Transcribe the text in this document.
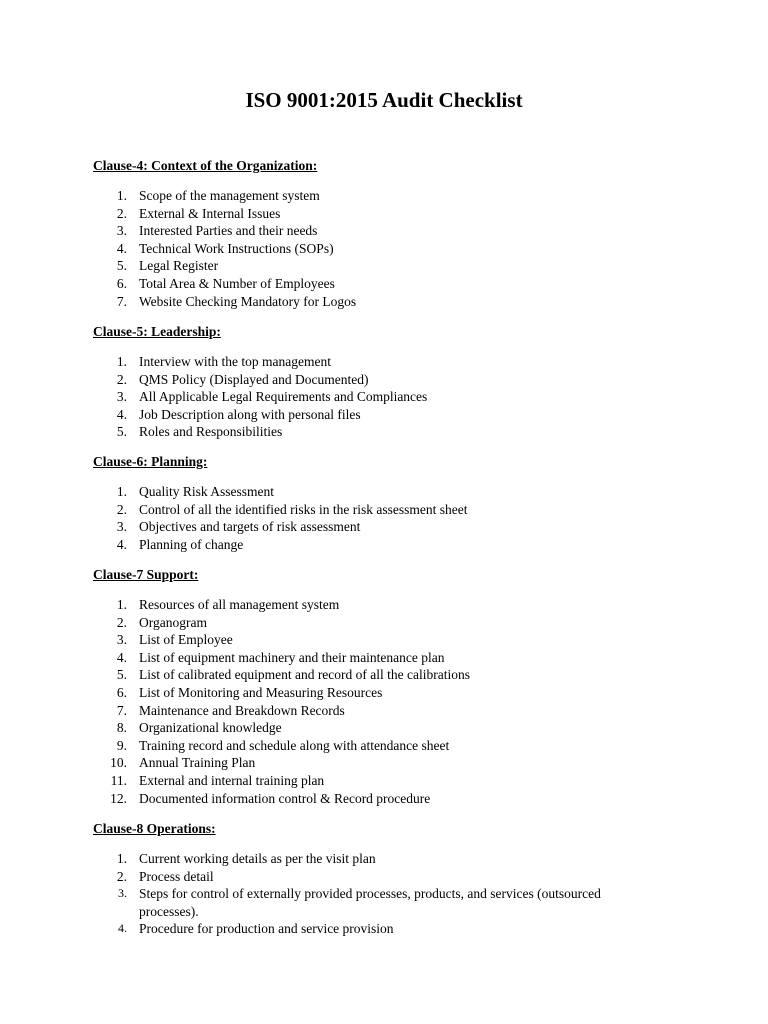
ISO 9001:2015 Audit Checklist
Clause-4: Context of the Organization:
1. Scope of the management system
2. External & Internal Issues
3. Interested Parties and their needs
4. Technical Work Instructions (SOPs)
5. Legal Register
6. Total Area & Number of Employees
7. Website Checking Mandatory for Logos
Clause-5: Leadership:
1. Interview with the top management
2. QMS Policy (Displayed and Documented)
3. All Applicable Legal Requirements and Compliances
4. Job Description along with personal files
5. Roles and Responsibilities
Clause-6: Planning:
1. Quality Risk Assessment
2. Control of all the identified risks in the risk assessment sheet
3. Objectives and targets of risk assessment
4. Planning of change
Clause-7 Support:
1. Resources of all management system
2. Organogram
3. List of Employee
4. List of equipment machinery and their maintenance plan
5. List of calibrated equipment and record of all the calibrations
6. List of Monitoring and Measuring Resources
7. Maintenance and Breakdown Records
8. Organizational knowledge
9. Training record and schedule along with attendance sheet
10. Annual Training Plan
11. External and internal training plan
12. Documented information control & Record procedure
Clause-8 Operations:
1. Current working details as per the visit plan
2. Process detail
3. Steps for control of externally provided processes, products, and services (outsourced processes).
4. Procedure for production and service provision
